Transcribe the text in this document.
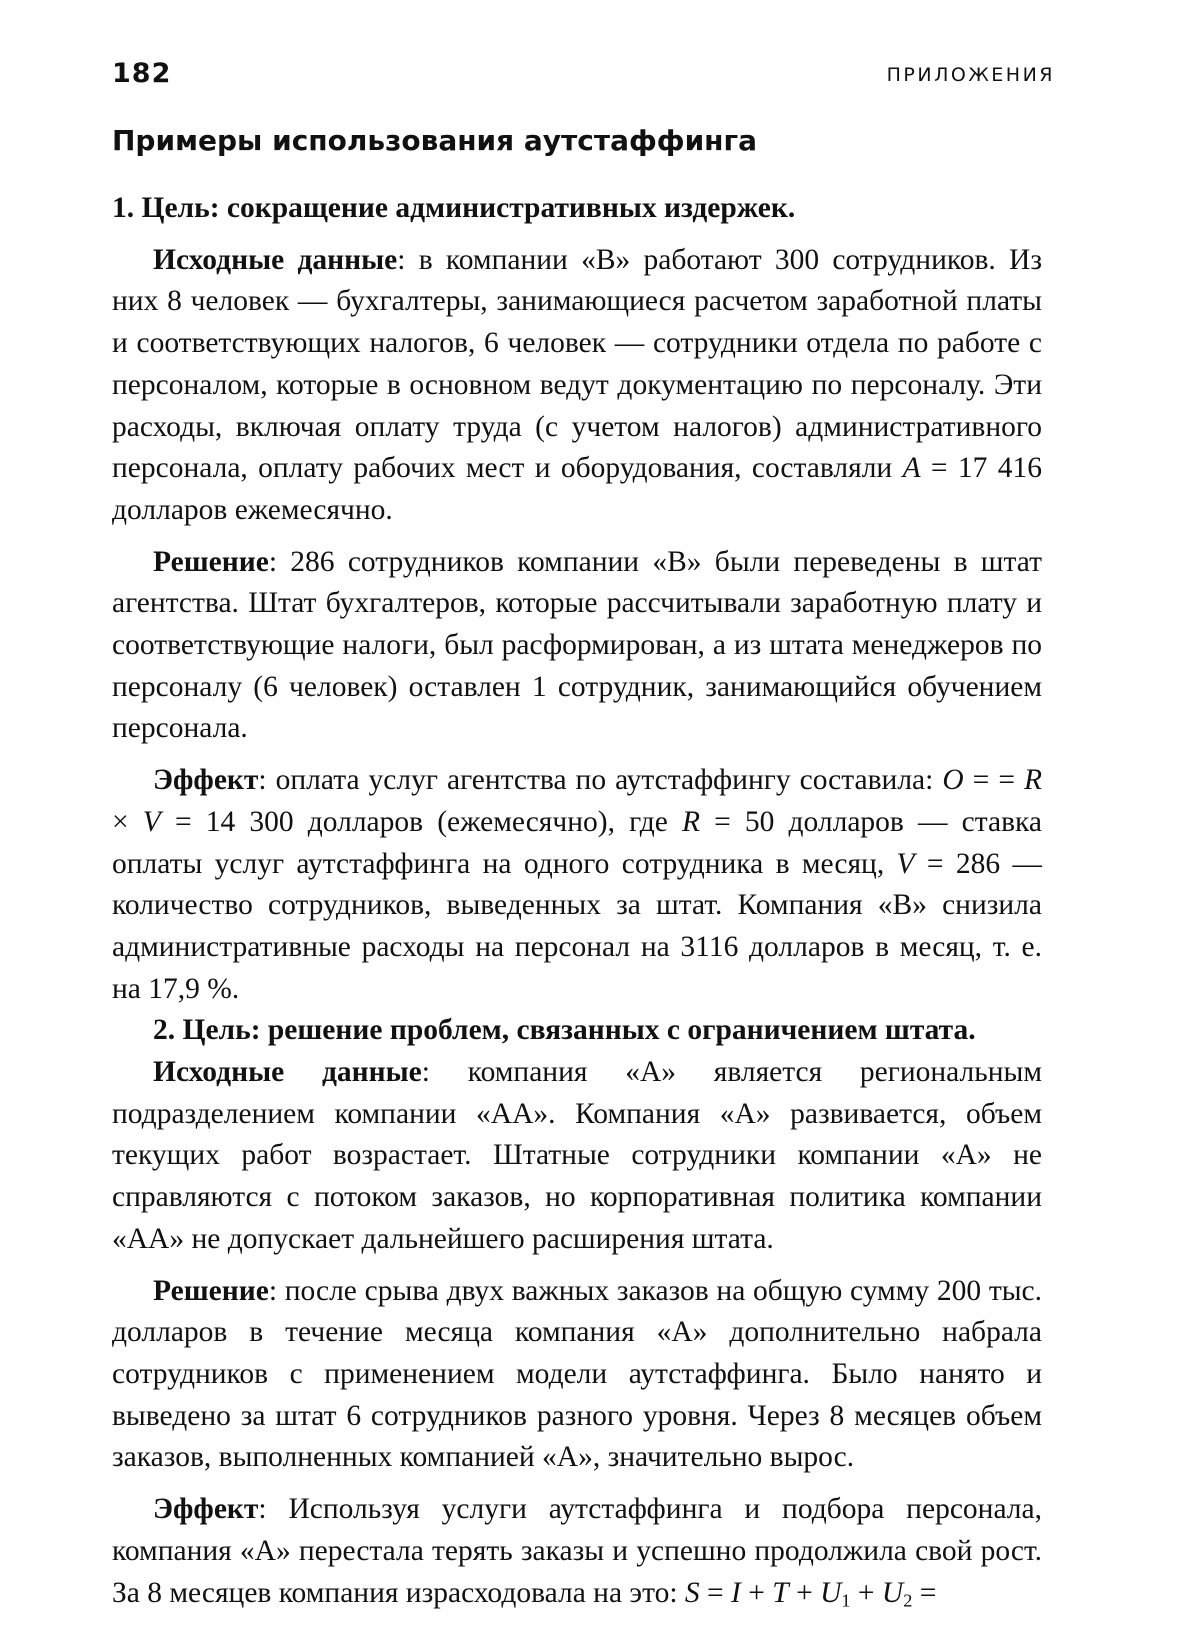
182	ПРИЛОЖЕНИЯ
Примеры использования аутстаффинга

1. Цель: сокращение административных издержек.

Исходные данные: в компании «В» работают 300 сотрудников. Из них 8 человек — бухгалтеры, занимающиеся расчетом заработной платы и соответствующих налогов, 6 человек — сотрудники отдела по работе с персоналом, которые в основном ведут документацию по персоналу. Эти расходы, включая оплату труда (с учетом налогов) административного персонала, оплату рабочих мест и оборудования, составляли A = 17 416 долларов ежемесячно.

Решение: 286 сотрудников компании «В» были переведены в штат агентства. Штат бухгалтеров, которые рассчитывали заработную плату и соответствующие налоги, был расформирован, а из штата менеджеров по персоналу (6 человек) оставлен 1 сотрудник, занимающийся обучением персонала.

Эффект: оплата услуг агентства по аутстаффингу составила: O = = R × V = 14 300 долларов (ежемесячно), где R = 50 долларов — ставка оплаты услуг аутстаффинга на одного сотрудника в месяц, V = 286 — количество сотрудников, выведенных за штат. Компания «В» снизила административные расходы на персонал на 3116 долларов в месяц, т. е. на 17,9 %.

2. Цель: решение проблем, связанных с ограничением штата.

Исходные данные: компания «А» является региональным подразделением компании «АА». Компания «А» развивается, объем текущих работ возрастает. Штатные сотрудники компании «А» не справляются с потоком заказов, но корпоративная политика компании «АА» не допускает дальнейшего расширения штата.

Решение: после срыва двух важных заказов на общую сумму 200 тыс. долларов в течение месяца компания «А» дополнительно набрала сотрудников с применением модели аутстаффинга. Было нанято и выведено за штат 6 сотрудников разного уровня. Через 8 месяцев объем заказов, выполненных компанией «А», значительно вырос.

Эффект: Используя услуги аутстаффинга и подбора персонала, компания «А» перестала терять заказы и успешно продолжила свой рост. За 8 месяцев компания израсходовала на это: $S = I + T + U_1 + U_2$ =
